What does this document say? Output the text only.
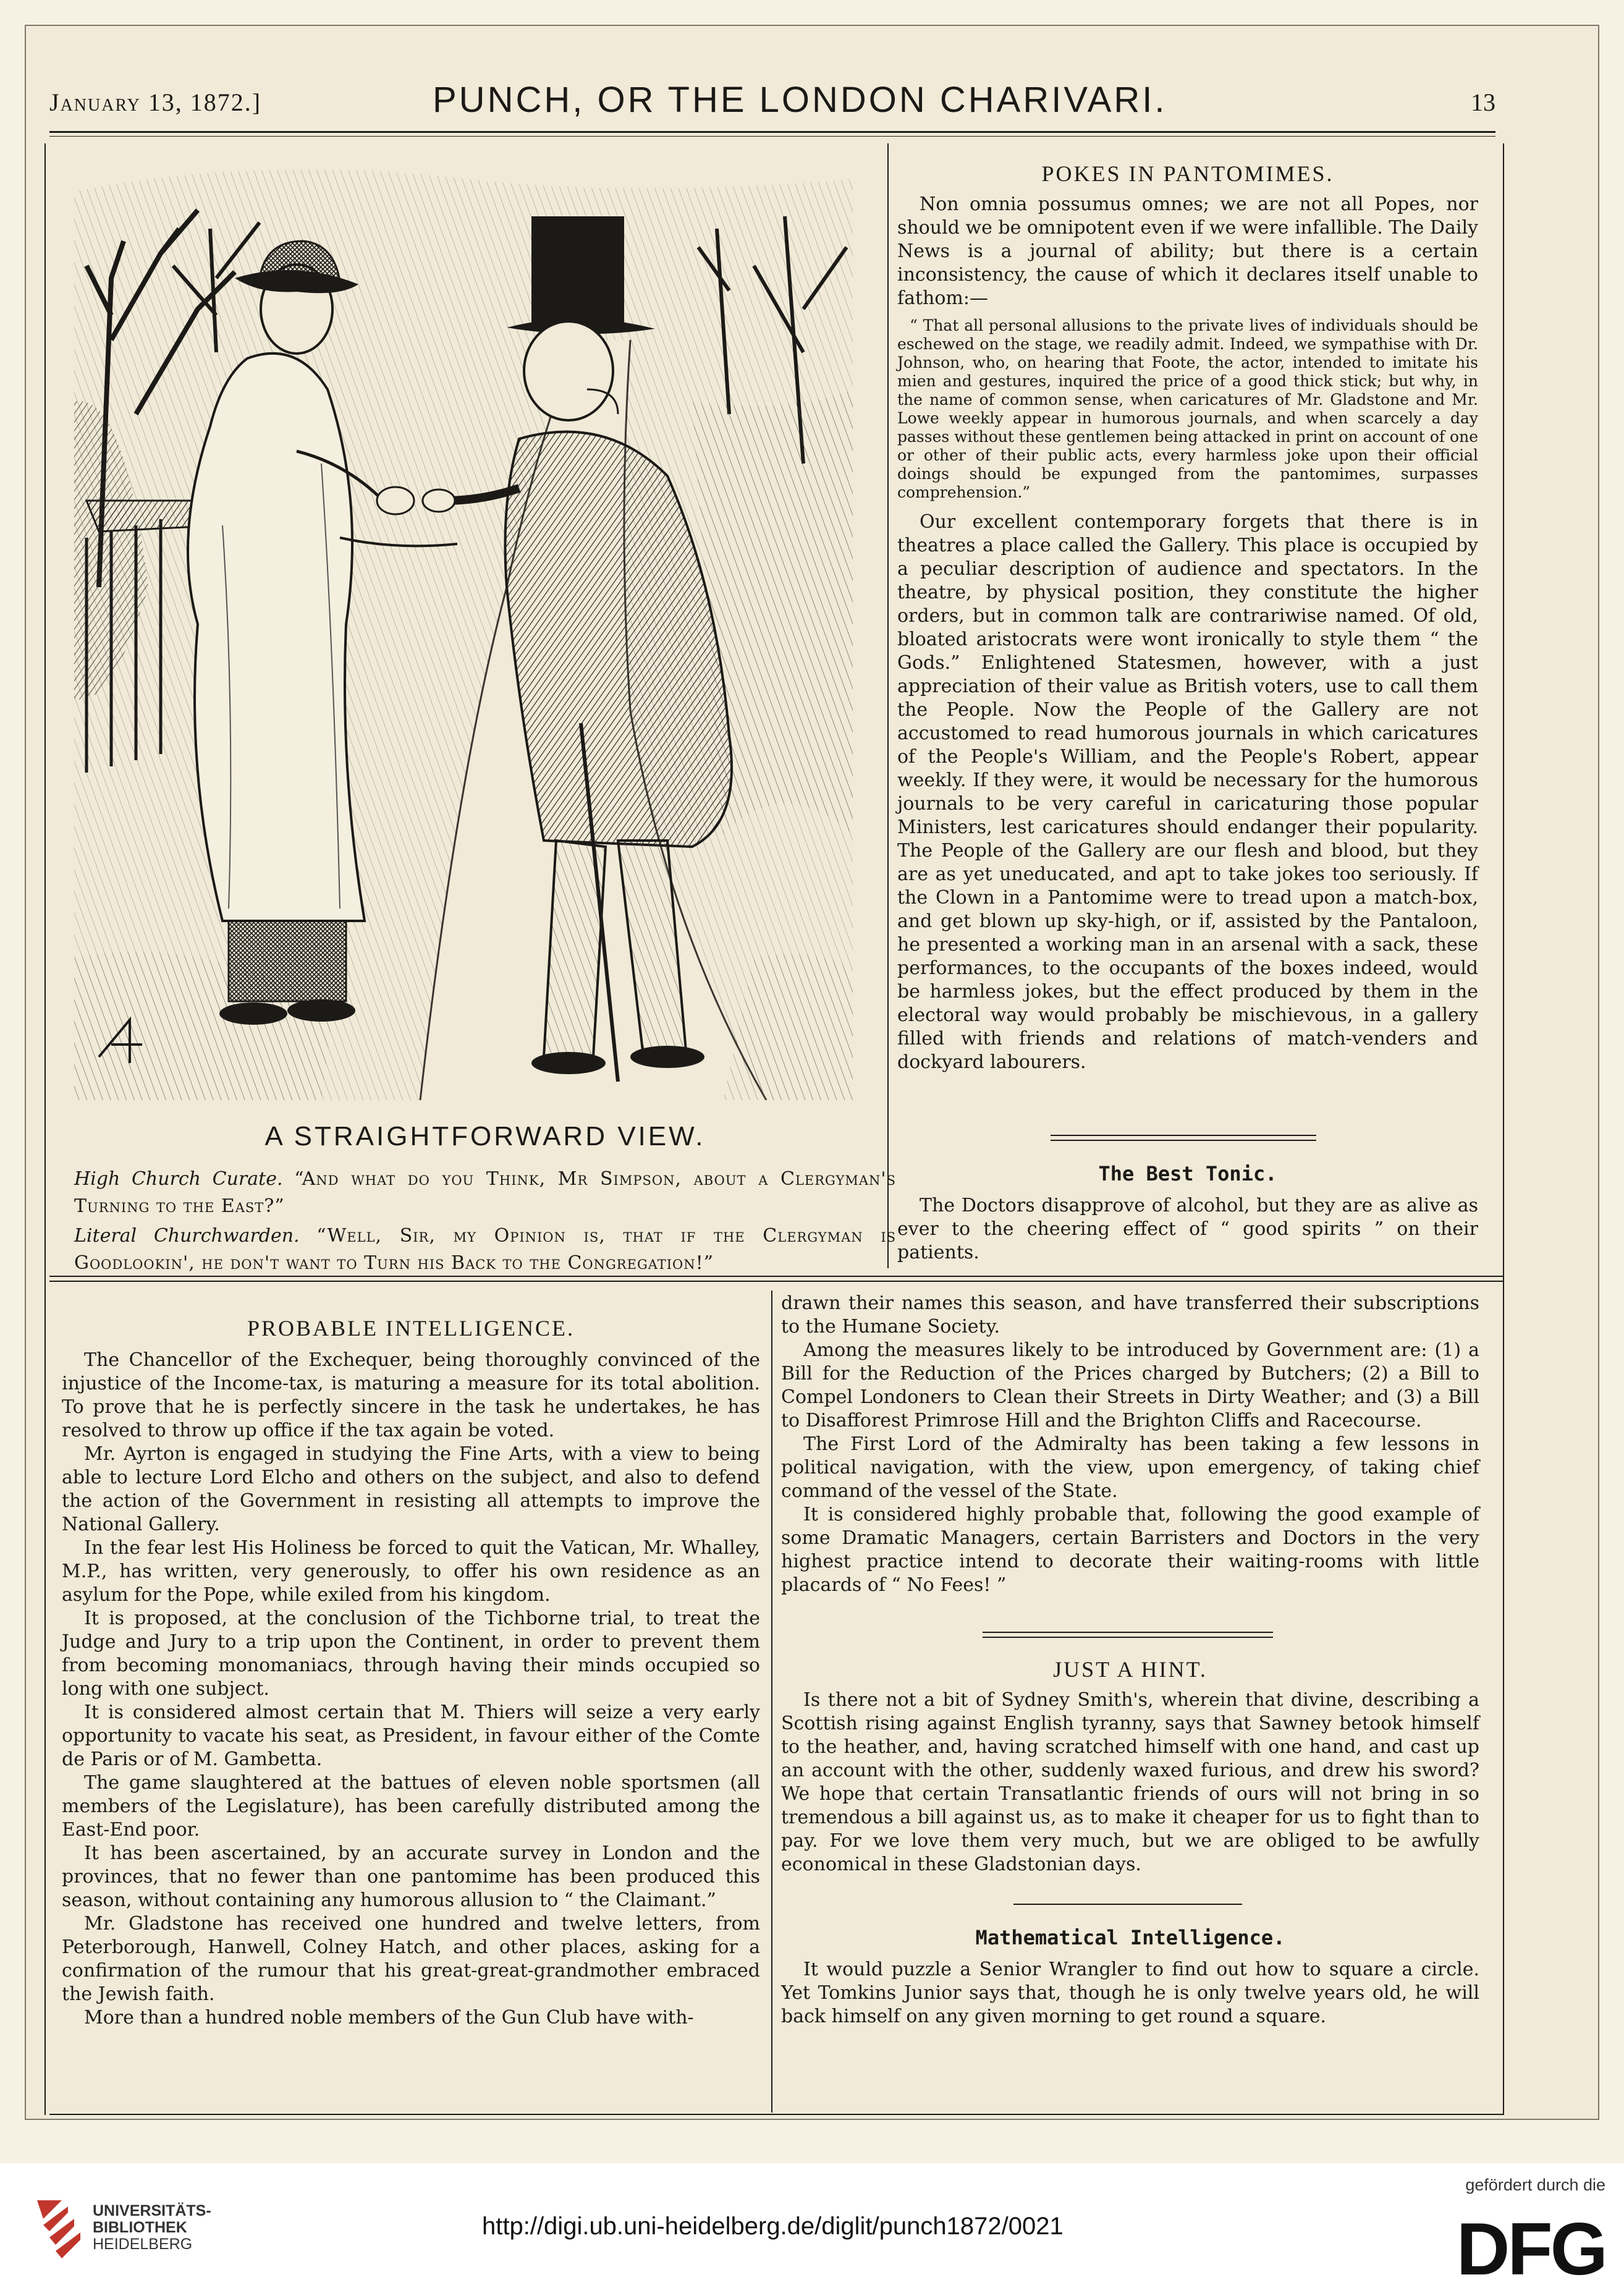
January 13, 1872.]	PUNCH, OR THE LONDON CHARIVARI.	13
A STRAIGHTFORWARD VIEW.

High Church Curate. “And what do you Think, Mr Simpson, about a Clergyman's Turning to the East?”

Literal Churchwarden. “Well, Sir, my Opinion is, that if the Clergyman is Goodlookin', he don't want to Turn his Back to the Congregation!”

POKES IN PANTOMIMES.

Non omnia possumus omnes; we are not all Popes, nor should we be omnipotent even if we were infallible. The Daily News is a journal of ability; but there is a certain inconsistency, the cause of which it declares itself unable to fathom:—

“ That all personal allusions to the private lives of individuals should be eschewed on the stage, we readily admit. Indeed, we sympathise with Dr. Johnson, who, on hearing that Foote, the actor, intended to imitate his mien and gestures, inquired the price of a good thick stick; but why, in the name of common sense, when caricatures of Mr. Gladstone and Mr. Lowe weekly appear in humorous journals, and when scarcely a day passes without these gentlemen being attacked in print on account of one or other of their public acts, every harmless joke upon their official doings should be expunged from the pantomimes, surpasses comprehension.”

Our excellent contemporary forgets that there is in theatres a place called the Gallery. This place is occupied by a peculiar description of audience and spectators. In the theatre, by physical position, they constitute the higher orders, but in common talk are contrariwise named. Of old, bloated aristocrats were wont ironically to style them “ the Gods.” Enlightened Statesmen, however, with a just appreciation of their value as British voters, use to call them the People. Now the People of the Gallery are not accustomed to read humorous journals in which caricatures of the People's William, and the People's Robert, appear weekly. If they were, it would be necessary for the humorous journals to be very careful in caricaturing those popular Ministers, lest caricatures should endanger their popularity. The People of the Gallery are our flesh and blood, but they are as yet uneducated, and apt to take jokes too seriously. If the Clown in a Pantomime were to tread upon a match-box, and get blown up sky-high, or if, assisted by the Pantaloon, he presented a working man in an arsenal with a sack, these performances, to the occupants of the boxes indeed, would be harmless jokes, but the effect produced by them in the electoral way would probably be mischievous, in a gallery filled with friends and relations of match-venders and dockyard labourers.

The Best Tonic.

The Doctors disapprove of alcohol, but they are as alive as ever to the cheering effect of “ good spirits ” on their patients.

PROBABLE INTELLIGENCE.

The Chancellor of the Exchequer, being thoroughly convinced of the injustice of the Income-tax, is maturing a measure for its total abolition. To prove that he is perfectly sincere in the task he undertakes, he has resolved to throw up office if the tax again be voted.

Mr. Ayrton is engaged in studying the Fine Arts, with a view to being able to lecture Lord Elcho and others on the subject, and also to defend the action of the Government in resisting all attempts to improve the National Gallery.

In the fear lest His Holiness be forced to quit the Vatican, Mr. Whalley, M.P., has written, very generously, to offer his own residence as an asylum for the Pope, while exiled from his kingdom.

It is proposed, at the conclusion of the Tichborne trial, to treat the Judge and Jury to a trip upon the Continent, in order to prevent them from becoming monomaniacs, through having their minds occupied so long with one subject.

It is considered almost certain that M. Thiers will seize a very early opportunity to vacate his seat, as President, in favour either of the Comte de Paris or of M. Gambetta.

The game slaughtered at the battues of eleven noble sportsmen (all members of the Legislature), has been carefully distributed among the East-End poor.

It has been ascertained, by an accurate survey in London and the provinces, that no fewer than one pantomime has been produced this season, without containing any humorous allusion to “ the Claimant.”

Mr. Gladstone has received one hundred and twelve letters, from Peterborough, Hanwell, Colney Hatch, and other places, asking for a confirmation of the rumour that his great-great-grandmother embraced the Jewish faith.

More than a hundred noble members of the Gun Club have with-

drawn their names this season, and have transferred their subscriptions to the Humane Society.

Among the measures likely to be introduced by Government are: (1) a Bill for the Reduction of the Prices charged by Butchers; (2) a Bill to Compel Londoners to Clean their Streets in Dirty Weather; and (3) a Bill to Disafforest Primrose Hill and the Brighton Cliffs and Racecourse.

The First Lord of the Admiralty has been taking a few lessons in political navigation, with the view, upon emergency, of taking chief command of the vessel of the State.

It is considered highly probable that, following the good example of some Dramatic Managers, certain Barristers and Doctors in the very highest practice intend to decorate their waiting-rooms with little placards of “ No Fees! ”

JUST A HINT.

Is there not a bit of Sydney Smith's, wherein that divine, describing a Scottish rising against English tyranny, says that Sawney betook himself to the heather, and, having scratched himself with one hand, and cast up an account with the other, suddenly waxed furious, and drew his sword? We hope that certain Transatlantic friends of ours will not bring in so tremendous a bill against us, as to make it cheaper for us to fight than to pay. For we love them very much, but we are obliged to be awfully economical in these Gladstonian days.

Mathematical Intelligence.

It would puzzle a Senior Wrangler to find out how to square a circle. Yet Tomkins Junior says that, though he is only twelve years old, he will back himself on any given morning to get round a square.

UNIVERSITÄTS-
BIBLIOTHEK
HEIDELBERG
http://digi.ub.uni-heidelberg.de/diglit/punch1872/0021
gefördert durch die
DFG
